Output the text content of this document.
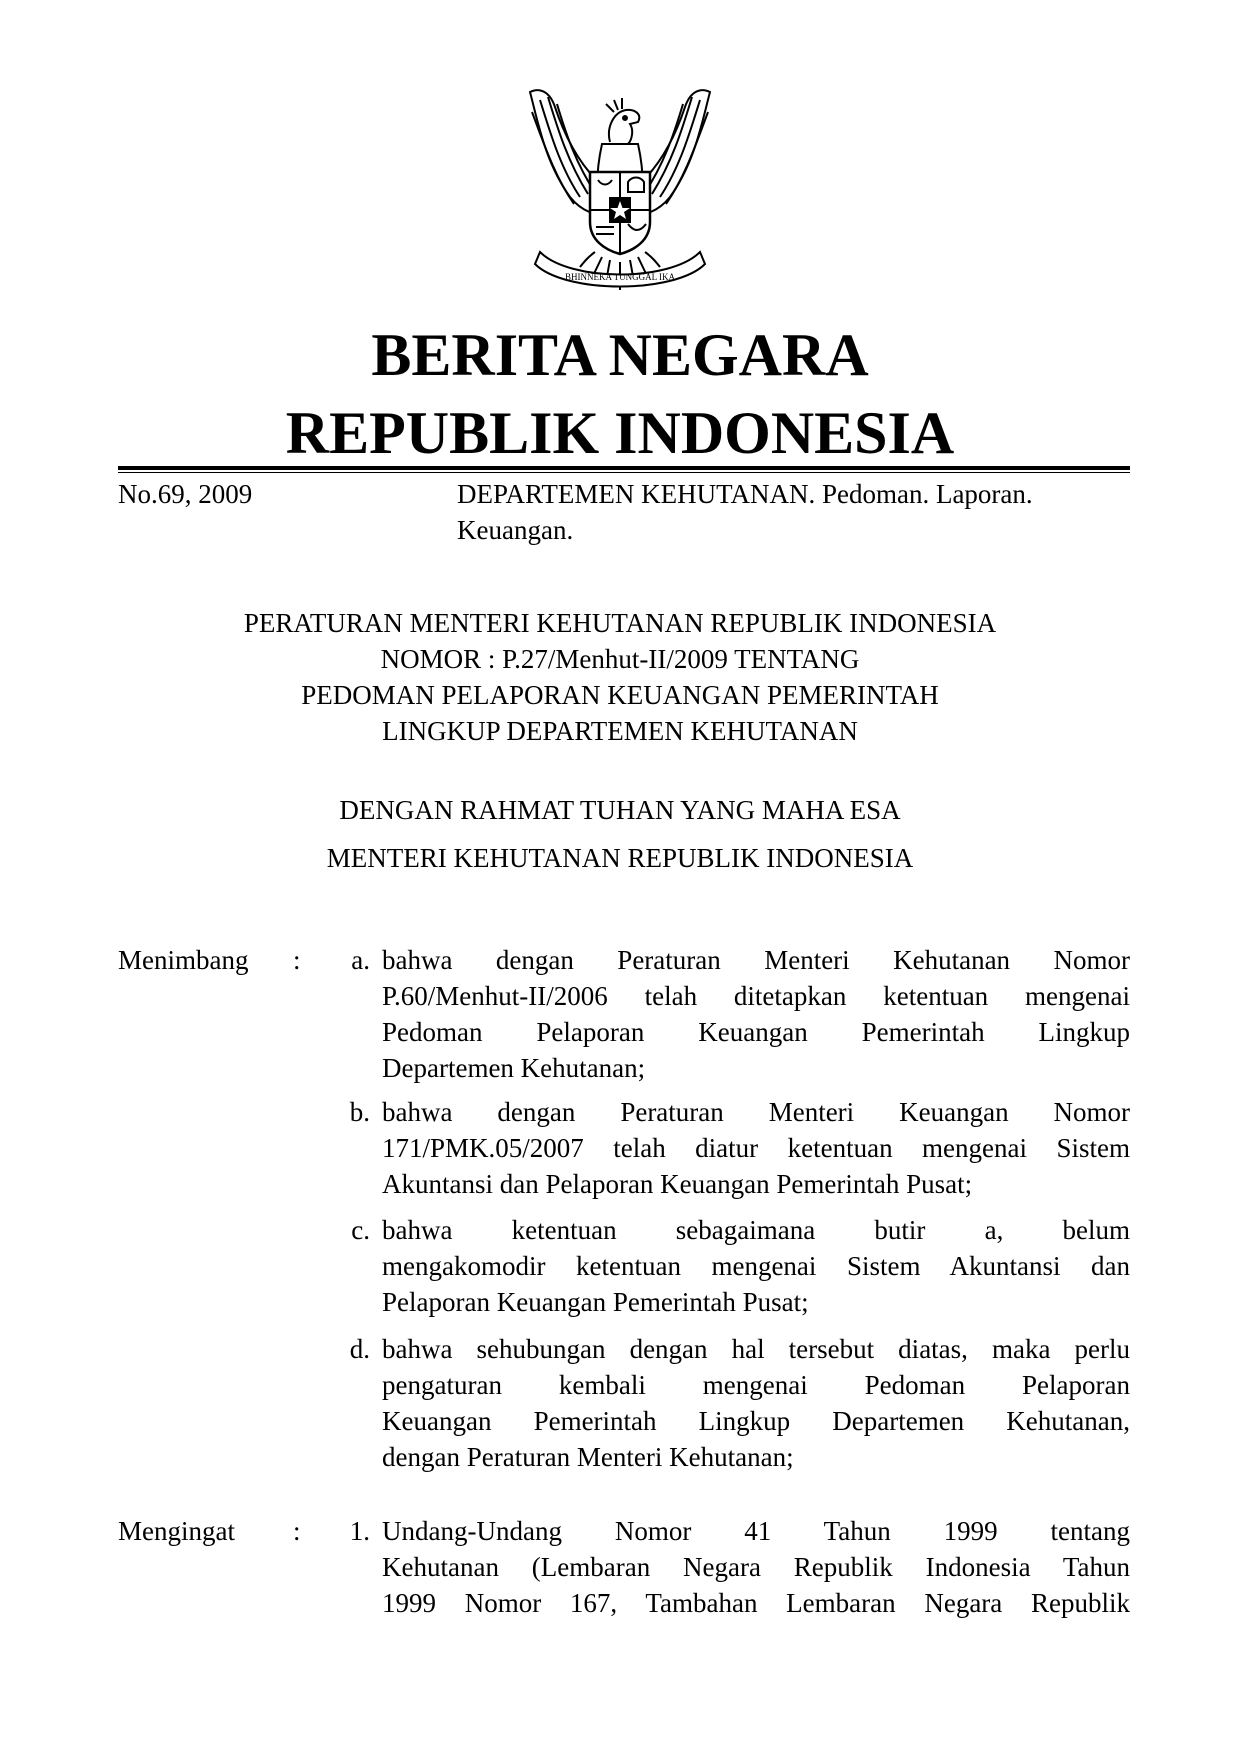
BHINNEKA TUNGGAL IKA
BERITA NEGARA
REPUBLIK INDONESIA
No.69, 2009	DEPARTEMEN KEHUTANAN. Pedoman. Laporan.
Keuangan.
PERATURAN MENTERI KEHUTANAN REPUBLIK INDONESIA
NOMOR : P.27/Menhut-II/2009 TENTANG
PEDOMAN PELAPORAN KEUANGAN PEMERINTAH
LINGKUP DEPARTEMEN KEHUTANAN
DENGAN RAHMAT TUHAN YANG MAHA ESA
MENTERI KEHUTANAN REPUBLIK INDONESIA
Menimbang :	a. bahwa dengan Peraturan Menteri Kehutanan Nomor
P.60/Menhut-II/2006 telah ditetapkan ketentuan mengenai
Pedoman Pelaporan Keuangan Pemerintah Lingkup
Departemen Kehutanan;
b. bahwa dengan Peraturan Menteri Keuangan Nomor
171/PMK.05/2007 telah diatur ketentuan mengenai Sistem
Akuntansi dan Pelaporan Keuangan Pemerintah Pusat;
c. bahwa ketentuan sebagaimana butir a, belum
mengakomodir ketentuan mengenai Sistem Akuntansi dan
Pelaporan Keuangan Pemerintah Pusat;
d. bahwa sehubungan dengan hal tersebut diatas, maka perlu
pengaturan kembali mengenai Pedoman Pelaporan
Keuangan Pemerintah Lingkup Departemen Kehutanan,
dengan Peraturan Menteri Kehutanan;
Mengingat :	1. Undang-Undang Nomor 41 Tahun 1999 tentang
Kehutanan (Lembaran Negara Republik Indonesia Tahun
1999 Nomor 167, Tambahan Lembaran Negara Republik
